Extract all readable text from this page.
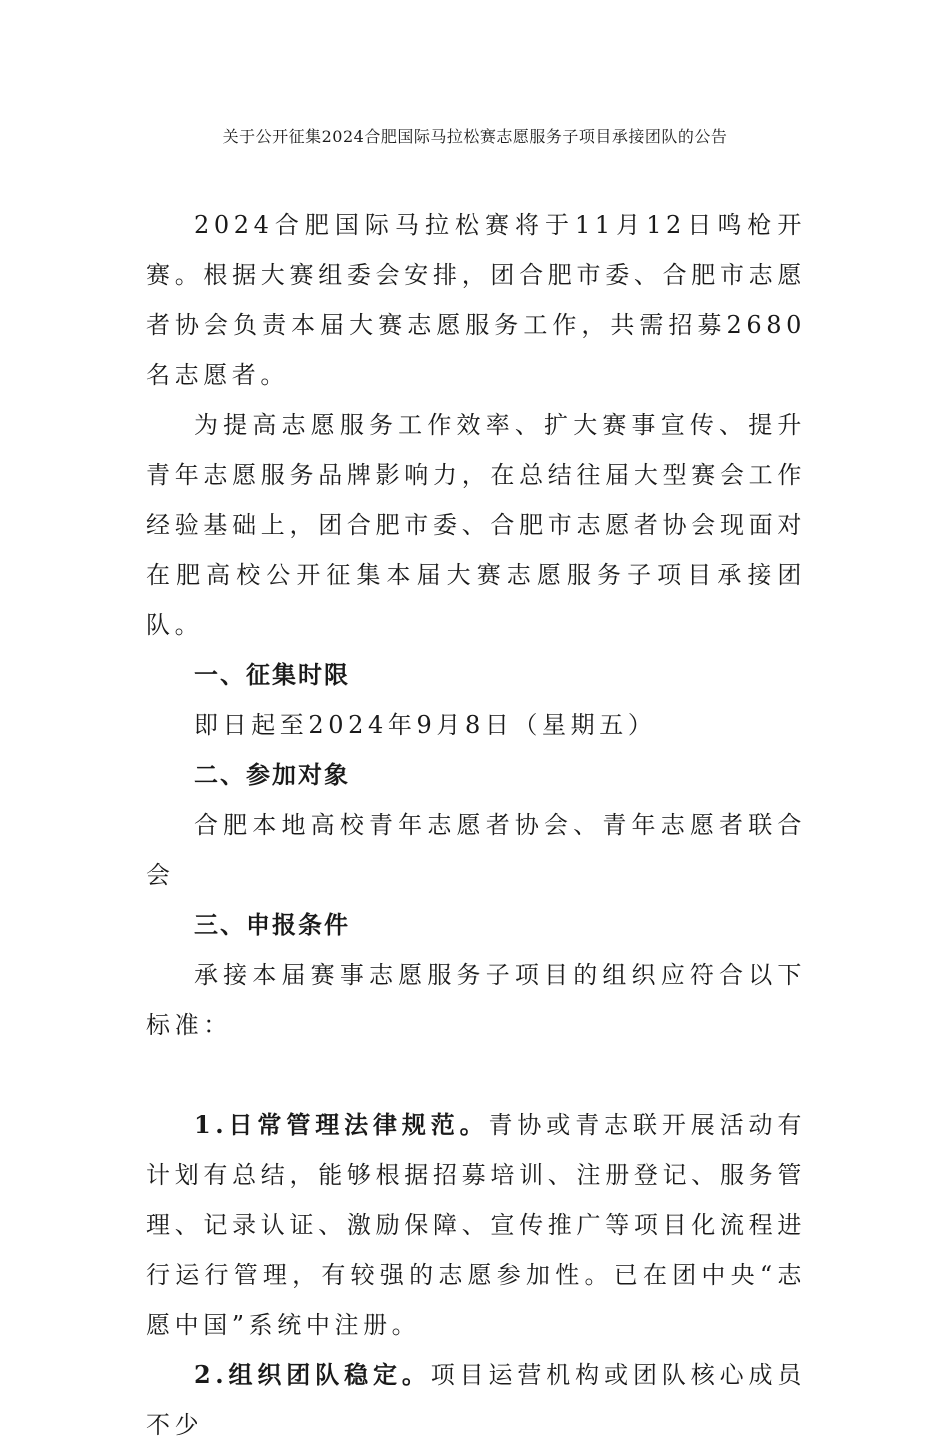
关于公开征集2024合肥国际马拉松赛志愿服务子项目承接团队的公告

2024合肥国际马拉松赛将于11月12日鸣枪开赛。根据大赛组委会安排，团合肥市委、合肥市志愿者协会负责本届大赛志愿服务工作，共需招募2680名志愿者。

为提高志愿服务工作效率、扩大赛事宣传、提升青年志愿服务品牌影响力，在总结往届大型赛会工作经验基础上，团合肥市委、合肥市志愿者协会现面对在肥高校公开征集本届大赛志愿服务子项目承接团队。

一、征集时限

即日起至2024年9月8日（星期五）

二、参加对象

合肥本地高校青年志愿者协会、青年志愿者联合会

三、申报条件

承接本届赛事志愿服务子项目的组织应符合以下标准：

1.日常管理法律规范。青协或青志联开展活动有计划有总结，能够根据招募培训、注册登记、服务管理、记录认证、激励保障、宣传推广等项目化流程进行运行管理，有较强的志愿参加性。已在团中央“志愿中国”系统中注册。

2.组织团队稳定。项目运营机构或团队核心成员不少
